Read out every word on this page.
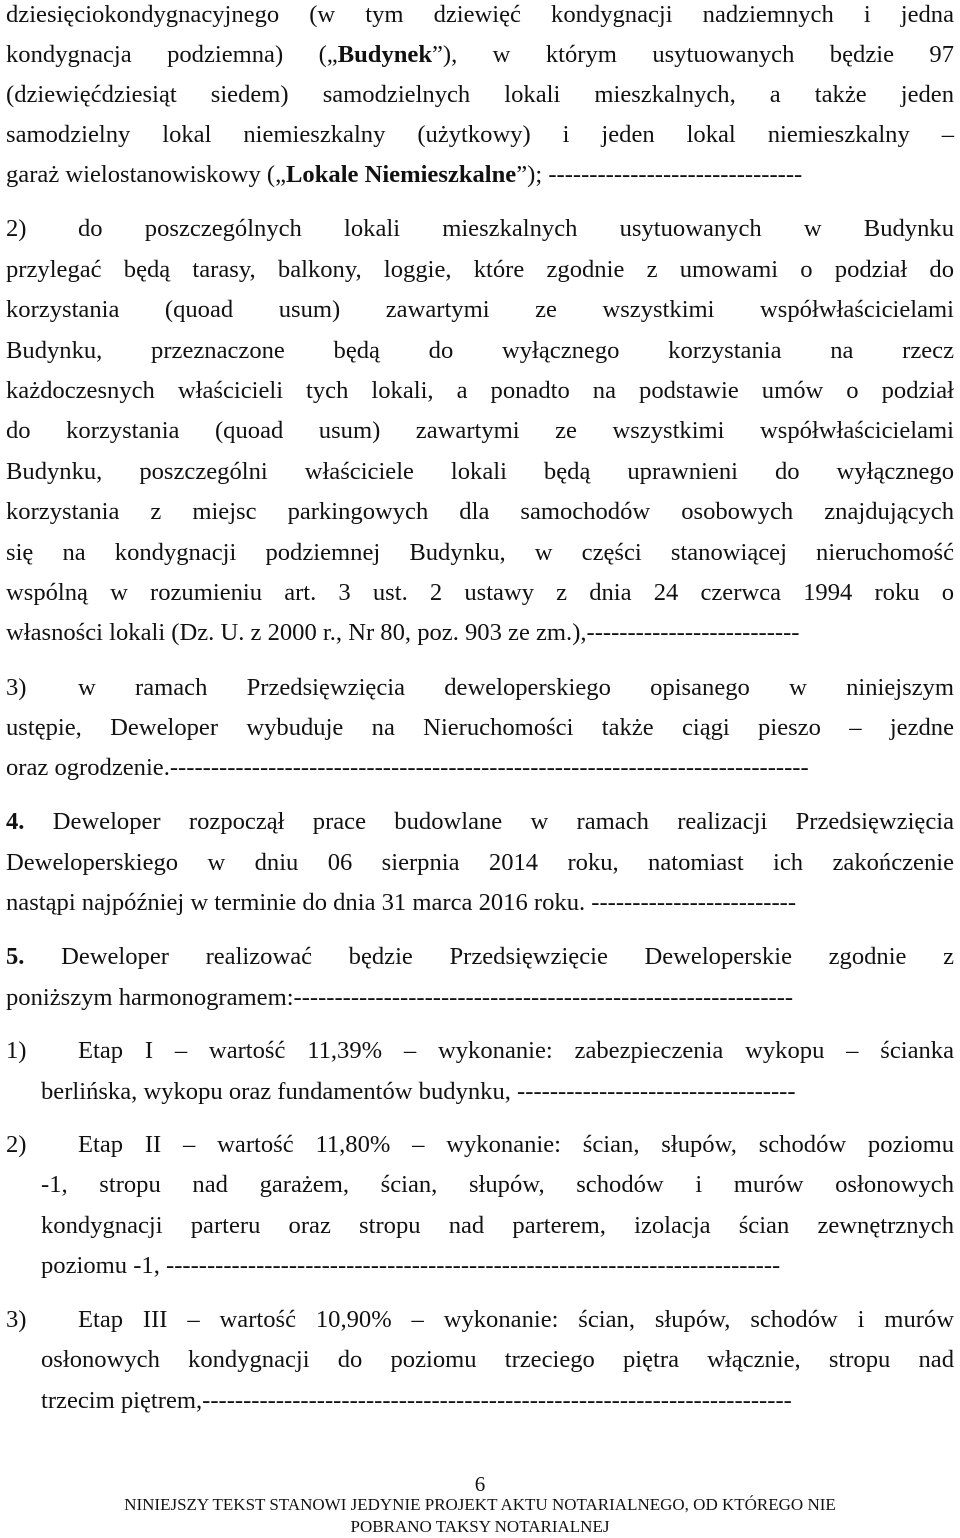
dziesięciokondygnacyjnego (w tym dziewięć kondygnacji nadziemnych i jedna
kondygnacja podziemna) („Budynek”), w którym usytuowanych będzie 97
(dziewięćdziesiąt siedem) samodzielnych lokali mieszkalnych, a także jeden
samodzielny lokal niemieszkalny (użytkowy) i jeden lokal niemieszkalny –
garaż wielostanowiskowy („Lokale Niemieszkalne”); -------------------------------
2) do poszczególnych lokali mieszkalnych usytuowanych w Budynku
przylegać będą tarasy, balkony, loggie, które zgodnie z umowami o podział do
korzystania (quoad usum) zawartymi ze wszystkimi współwłaścicielami
Budynku, przeznaczone będą do wyłącznego korzystania na rzecz
każdoczesnych właścicieli tych lokali, a ponadto na podstawie umów o podział
do korzystania (quoad usum) zawartymi ze wszystkimi współwłaścicielami
Budynku, poszczególni właściciele lokali będą uprawnieni do wyłącznego
korzystania z miejsc parkingowych dla samochodów osobowych znajdujących
się na kondygnacji podziemnej Budynku, w części stanowiącej nieruchomość
wspólną w rozumieniu art. 3 ust. 2 ustawy z dnia 24 czerwca 1994 roku o
własności lokali (Dz. U. z 2000 r., Nr 80, poz. 903 ze zm.),--------------------------
3) w ramach Przedsięwzięcia deweloperskiego opisanego w niniejszym
ustępie, Deweloper wybuduje na Nieruchomości także ciągi pieszo – jezdne
oraz ogrodzenie.------------------------------------------------------------------------------
4. Deweloper rozpoczął prace budowlane w ramach realizacji Przedsięwzięcia
Deweloperskiego w dniu 06 sierpnia 2014 roku, natomiast ich zakończenie
nastąpi najpóźniej w terminie do dnia 31 marca 2016 roku. -------------------------
5. Deweloper realizować będzie Przedsięwzięcie Deweloperskie zgodnie z
poniższym harmonogramem:-------------------------------------------------------------
1) Etap I – wartość 11,39% – wykonanie: zabezpieczenia wykopu – ścianka
berlińska, wykopu oraz fundamentów budynku, ----------------------------------
2) Etap II – wartość 11,80% – wykonanie: ścian, słupów, schodów poziomu
-1, stropu nad garażem, ścian, słupów, schodów i murów osłonowych
kondygnacji parteru oraz stropu nad parterem, izolacja ścian zewnętrznych
poziomu -1, ---------------------------------------------------------------------------
3) Etap III – wartość 10,90% – wykonanie: ścian, słupów, schodów i murów
osłonowych kondygnacji do poziomu trzeciego piętra włącznie, stropu nad
trzecim piętrem,------------------------------------------------------------------------
6
NINIEJSZY TEKST STANOWI JEDYNIE PROJEKT AKTU NOTARIALNEGO, OD KTÓREGO NIE
POBRANO TAKSY NOTARIALNEJ
